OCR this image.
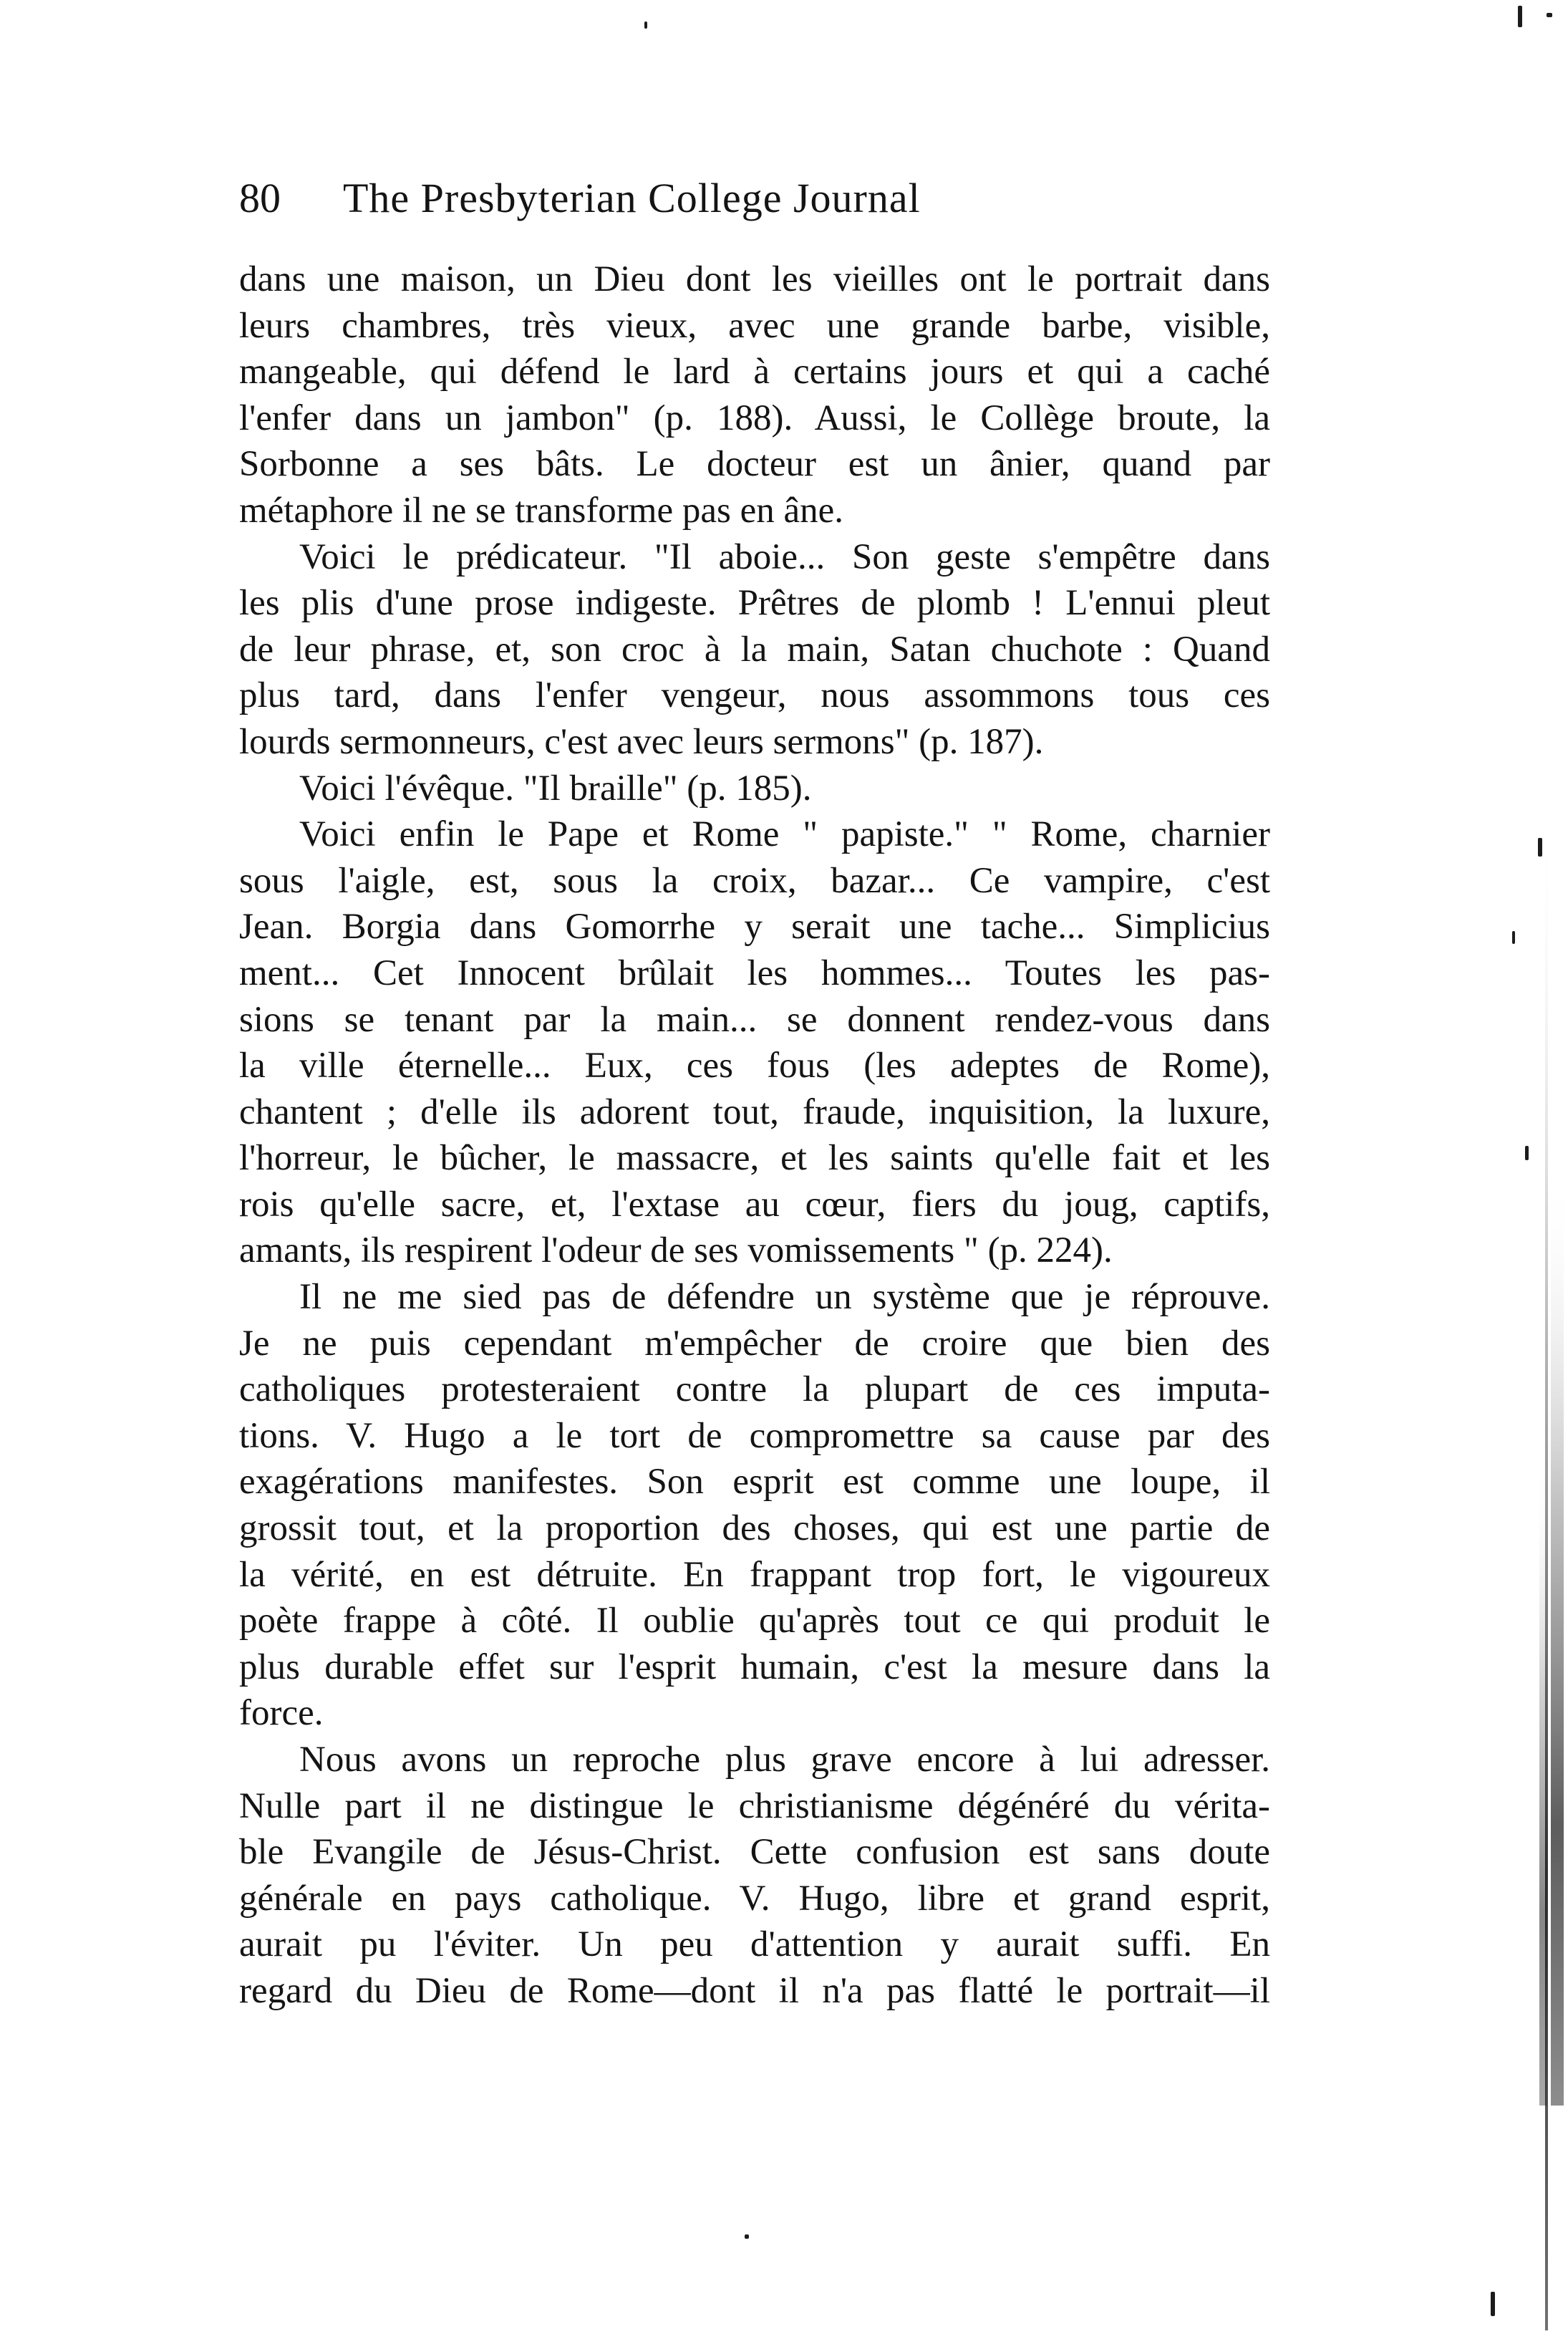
80 The Presbyterian College Journal
dans une maison, un Dieu dont les vieilles ont le portrait dans
leurs chambres, très vieux, avec une grande barbe, visible,
mangeable, qui défend le lard à certains jours et qui a caché
l'enfer dans un jambon" (p. 188). Aussi, le Collège broute, la
Sorbonne a ses bâts. Le docteur est un ânier, quand par
métaphore il ne se transforme pas en âne.
Voici le prédicateur. "Il aboie... Son geste s'empêtre dans
les plis d'une prose indigeste. Prêtres de plomb ! L'ennui pleut
de leur phrase, et, son croc à la main, Satan chuchote : Quand
plus tard, dans l'enfer vengeur, nous assommons tous ces
lourds sermonneurs, c'est avec leurs sermons" (p. 187).
Voici l'évêque. "Il braille" (p. 185).
Voici enfin le Pape et Rome " papiste." " Rome, charnier
sous l'aigle, est, sous la croix, bazar... Ce vampire, c'est
Jean. Borgia dans Gomorrhe y serait une tache... Simplicius
ment... Cet Innocent brûlait les hommes... Toutes les pas-
sions se tenant par la main... se donnent rendez-vous dans
la ville éternelle... Eux, ces fous (les adeptes de Rome),
chantent ; d'elle ils adorent tout, fraude, inquisition, la luxure,
l'horreur, le bûcher, le massacre, et les saints qu'elle fait et les
rois qu'elle sacre, et, l'extase au cœur, fiers du joug, captifs,
amants, ils respirent l'odeur de ses vomissements " (p. 224).
Il ne me sied pas de défendre un système que je réprouve.
Je ne puis cependant m'empêcher de croire que bien des
catholiques protesteraient contre la plupart de ces imputa-
tions. V. Hugo a le tort de compromettre sa cause par des
exagérations manifestes. Son esprit est comme une loupe, il
grossit tout, et la proportion des choses, qui est une partie de
la vérité, en est détruite. En frappant trop fort, le vigoureux
poète frappe à côté. Il oublie qu'après tout ce qui produit le
plus durable effet sur l'esprit humain, c'est la mesure dans la
force.
Nous avons un reproche plus grave encore à lui adresser.
Nulle part il ne distingue le christianisme dégénéré du vérita-
ble Evangile de Jésus-Christ. Cette confusion est sans doute
générale en pays catholique. V. Hugo, libre et grand esprit,
aurait pu l'éviter. Un peu d'attention y aurait suffi. En
regard du Dieu de Rome—dont il n'a pas flatté le portrait—il
